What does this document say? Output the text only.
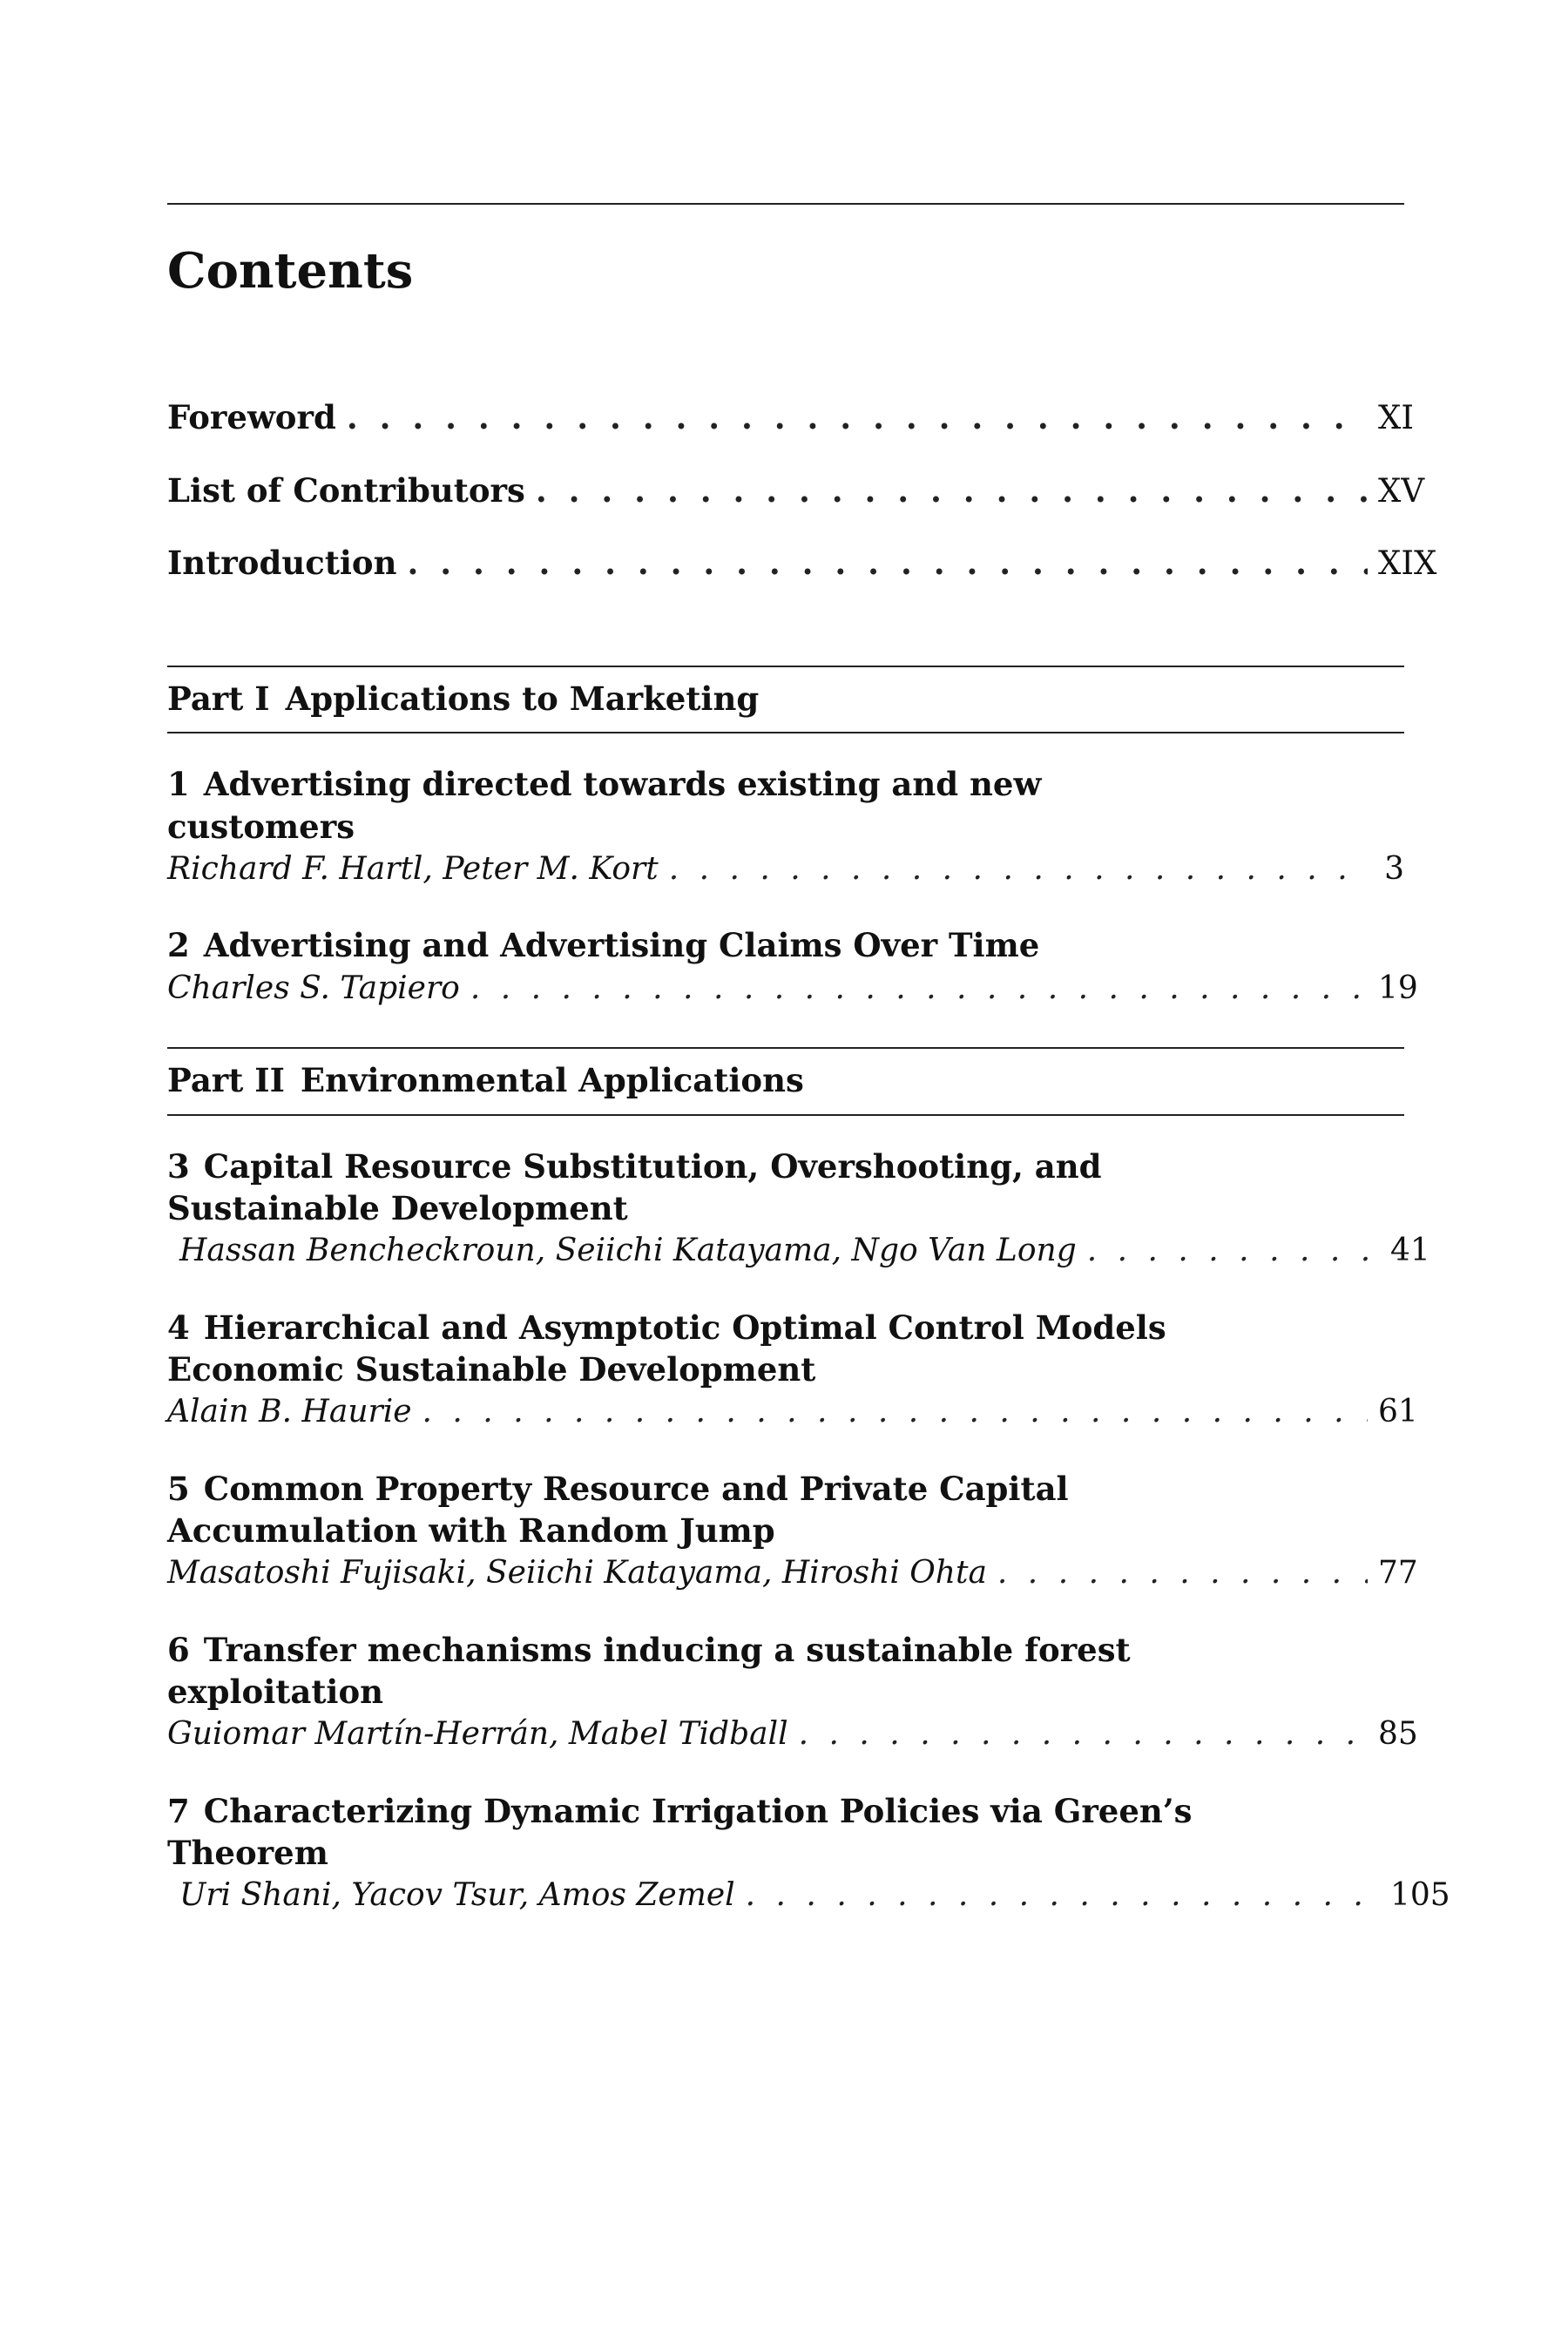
Contents
Foreword . . .	XI
List of Contributors . . .	XV
Introduction . . .	XIX
Part I Applications to Marketing
1 Advertising directed towards existing and new customers
Richard F. Hartl, Peter M. Kort . . .	3
2 Advertising and Advertising Claims Over Time
Charles S. Tapiero . . .	19
Part II Environmental Applications
3 Capital Resource Substitution, Overshooting, and Sustainable Development
Hassan Bencheckroun, Seiichi Katayama, Ngo Van Long . . .	41
4 Hierarchical and Asymptotic Optimal Control Models Economic Sustainable Development
Alain B. Haurie . . .	61
5 Common Property Resource and Private Capital Accumulation with Random Jump
Masatoshi Fujisaki, Seiichi Katayama, Hiroshi Ohta . . .	77
6 Transfer mechanisms inducing a sustainable forest exploitation
Guiomar Martín-Herrán, Mabel Tidball . . .	85
7 Characterizing Dynamic Irrigation Policies via Green’s Theorem
Uri Shani, Yacov Tsur, Amos Zemel . . .	105
